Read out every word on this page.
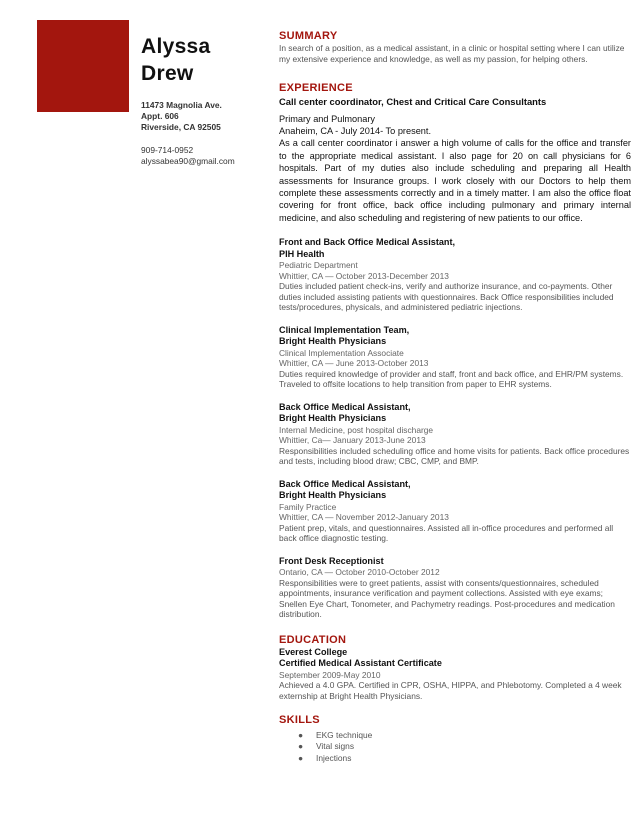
Alyssa
Drew
11473 Magnolia Ave.
Appt. 606
Riverside, CA 92505
909-714-0952
alyssabea90@gmail.com
SUMMARY
In search of a position, as a medical assistant, in a clinic or hospital setting where I can utilize my extensive experience and knowledge, as well as my passion, for helping others.
EXPERIENCE
Call center coordinator, Chest and Critical Care Consultants
Primary and Pulmonary
Anaheim, CA - July 2014- To present.
As a call center coordinator i answer a high volume of calls for the office and transfer to the appropriate medical assistant. I also page for 20 on call physicians for 6 hospitals. Part of my duties also include scheduling and preparing all Health assessments for Insurance groups. I work closely with our Doctors to help them complete these assessments correctly and in a timely matter. I am also the office float covering for front office, back office including pulmonary and primary internal medicine, and also scheduling and registering of new patients to our office.
Front and Back Office Medical Assistant,
PIH Health
Pediatric Department
Whittier, CA — October 2013-December 2013
Duties included patient check-ins, verify and authorize insurance, and co-payments. Other duties included assisting patients with questionnaires. Back Office responsibilities included tests/procedures, physicals, and administered pediatric injections.
Clinical Implementation Team,
Bright Health Physicians
Clinical Implementation Associate
Whittier, CA — June 2013-October 2013
Duties required knowledge of provider and staff, front and back office, and EHR/PM systems. Traveled to offsite locations to help transition from paper to EHR systems.
Back Office Medical Assistant,
Bright Health Physicians
Internal Medicine, post hospital discharge
Whittier, Ca— January 2013-June 2013
Responsibilities included scheduling office and home visits for patients. Back office procedures and tests, including blood draw; CBC, CMP, and BMP.
Back Office Medical Assistant,
Bright Health Physicians
Family Practice
Whittier, CA — November 2012-January 2013
Patient prep, vitals, and questionnaires. Assisted all in-office procedures and performed all back office diagnostic testing.
Front Desk Receptionist
Ontario, CA — October 2010-October 2012
Responsibilities were to greet patients, assist with consents/questionnaires, scheduled appointments, insurance verification and payment collections. Assisted with eye exams; Snellen Eye Chart, Tonometer, and Pachymetry readings. Post-procedures and medication distribution.
EDUCATION
Everest College
Certified Medical Assistant Certificate
September 2009-May 2010
Achieved a 4.0 GPA. Certified in CPR, OSHA, HIPPA, and Phlebotomy. Completed a 4 week externship at Bright Health Physicians.
SKILLS
● EKG technique
● Vital signs
● Injections
